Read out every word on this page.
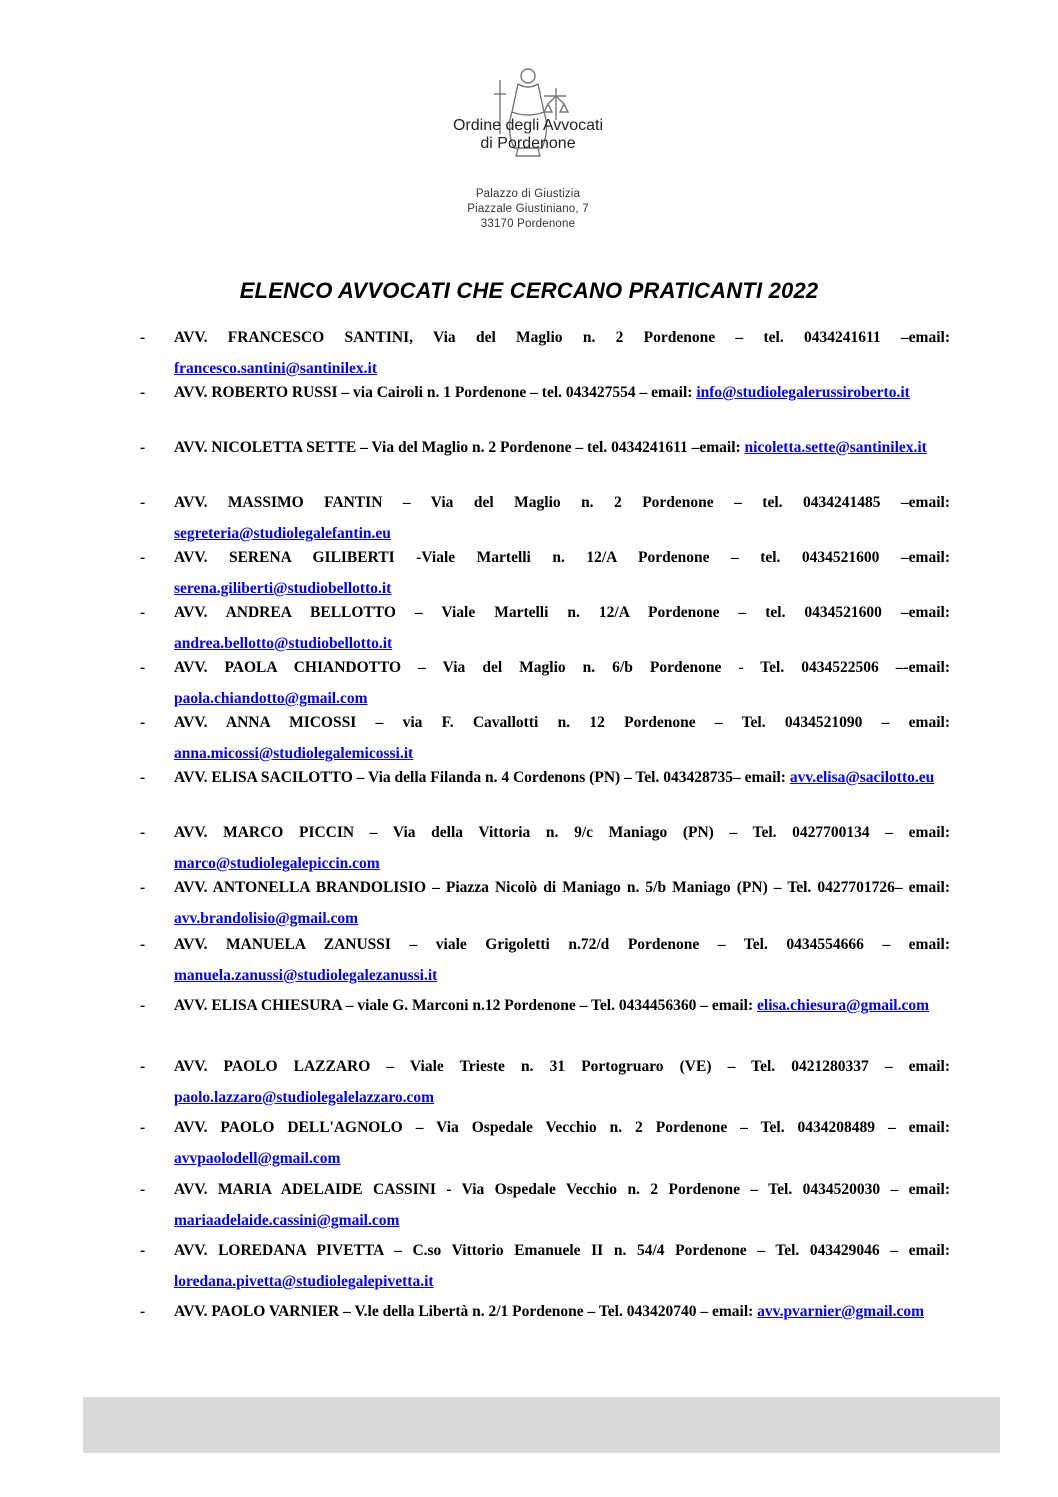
Ordine degli Avvocati
di Pordenone
Palazzo di Giustizia
Piazzale Giustiniano, 7
33170 Pordenone
ELENCO AVVOCATI CHE CERCANO PRATICANTI 2022
- AVV. FRANCESCO SANTINI, Via del Maglio n. 2 Pordenone – tel. 0434241611 –email: francesco.santini@santinilex.it
- AVV. ROBERTO RUSSI – via Cairoli n. 1 Pordenone – tel. 043427554 – email: info@studiolegalerussiroberto.it
- AVV. NICOLETTA SETTE – Via del Maglio n. 2 Pordenone – tel. 0434241611 –email: nicoletta.sette@santinilex.it
- AVV. MASSIMO FANTIN – Via del Maglio n. 2 Pordenone – tel. 0434241485 –email: segreteria@studiolegalefantin.eu
- AVV. SERENA GILIBERTI -Viale Martelli n. 12/A Pordenone – tel. 0434521600 –email: serena.giliberti@studiobellotto.it
- AVV. ANDREA BELLOTTO – Viale Martelli n. 12/A Pordenone – tel. 0434521600 –email: andrea.bellotto@studiobellotto.it
- AVV. PAOLA CHIANDOTTO – Via del Maglio n. 6/b Pordenone - Tel. 0434522506 –-email: paola.chiandotto@gmail.com
- AVV. ANNA MICOSSI – via F. Cavallotti n. 12 Pordenone – Tel. 0434521090 – email: anna.micossi@studiolegalemicossi.it
- AVV. ELISA SACILOTTO – Via della Filanda n. 4 Cordenons (PN) – Tel. 043428735– email: avv.elisa@sacilotto.eu
- AVV. MARCO PICCIN – Via della Vittoria n. 9/c Maniago (PN) – Tel. 0427700134 – email: marco@studiolegalepiccin.com
- AVV. ANTONELLA BRANDOLISIO – Piazza Nicolò di Maniago n. 5/b Maniago (PN) – Tel. 0427701726– email: avv.brandolisio@gmail.com
- AVV. MANUELA ZANUSSI – viale Grigoletti n.72/d Pordenone – Tel. 0434554666 – email: manuela.zanussi@studiolegalezanussi.it
- AVV. ELISA CHIESURA – viale G. Marconi n.12 Pordenone – Tel. 0434456360 – email: elisa.chiesura@gmail.com
- AVV. PAOLO LAZZARO – Viale Trieste n. 31 Portogruaro (VE) – Tel. 0421280337 – email: paolo.lazzaro@studiolegalelazzaro.com
- AVV. PAOLO DELL'AGNOLO – Via Ospedale Vecchio n. 2 Pordenone – Tel. 0434208489 – email: avvpaolodell@gmail.com
- AVV. MARIA ADELAIDE CASSINI - Via Ospedale Vecchio n. 2 Pordenone – Tel. 0434520030 – email: mariaadelaide.cassini@gmail.com
- AVV. LOREDANA PIVETTA – C.so Vittorio Emanuele II n. 54/4 Pordenone – Tel. 043429046 – email: loredana.pivetta@studiolegalepivetta.it
- AVV. PAOLO VARNIER – V.le della Libertà n. 2/1 Pordenone – Tel. 043420740 – email: avv.pvarnier@gmail.com
